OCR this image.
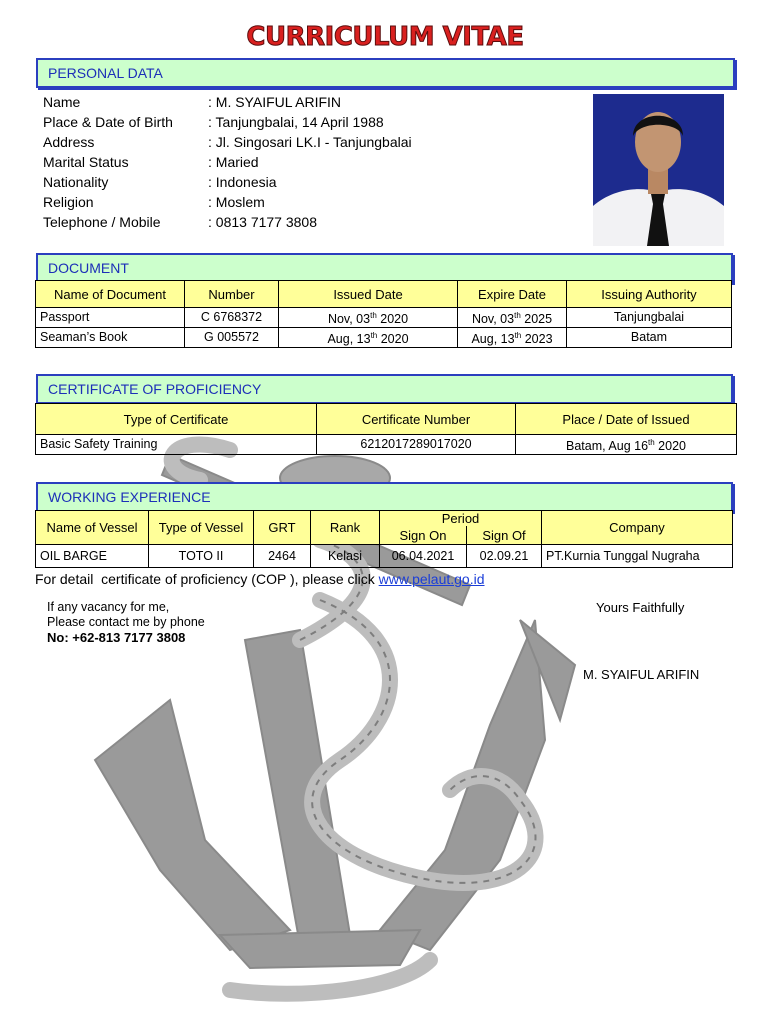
CURRICULUM VITAE
PERSONAL DATA
Name	: M. SYAIFUL ARIFIN
Place & Date of Birth	: Tanjungbalai, 14 April 1988
Address	: Jl. Singosari LK.I - Tanjungbalai
Marital Status	: Maried
Nationality	: Indonesia
Religion	: Moslem
Telephone / Mobile	: 0813 7177 3808
DOCUMENT
Name of Document	Number	Issued Date	Expire Date	Issuing Authority
Passport	C 6768372	Nov, 03th 2020	Nov, 03th 2025	Tanjungbalai
Seaman’s Book	G 005572	Aug, 13th 2020	Aug, 13th 2023	Batam
CERTIFICATE OF PROFICIENCY
Type of Certificate	Certificate Number	Place / Date of Issued
Basic Safety Training	6212017289017020	Batam, Aug 16th 2020
WORKING EXPERIENCE
Name of Vessel	Type of Vessel	GRT	Rank	Period		Company
				Sign On	Sign Of	
OIL BARGE	TOTO II	2464	Kelasi	06.04.2021	02.09.21	PT.Kurnia Tunggal Nugraha
For detail  certificate of proficiency (COP ), please click www.pelaut.go.id
If any vacancy for me,
Please contact me by phone
No: +62-813 7177 3808
Yours Faithfully
M. SYAIFUL ARIFIN
